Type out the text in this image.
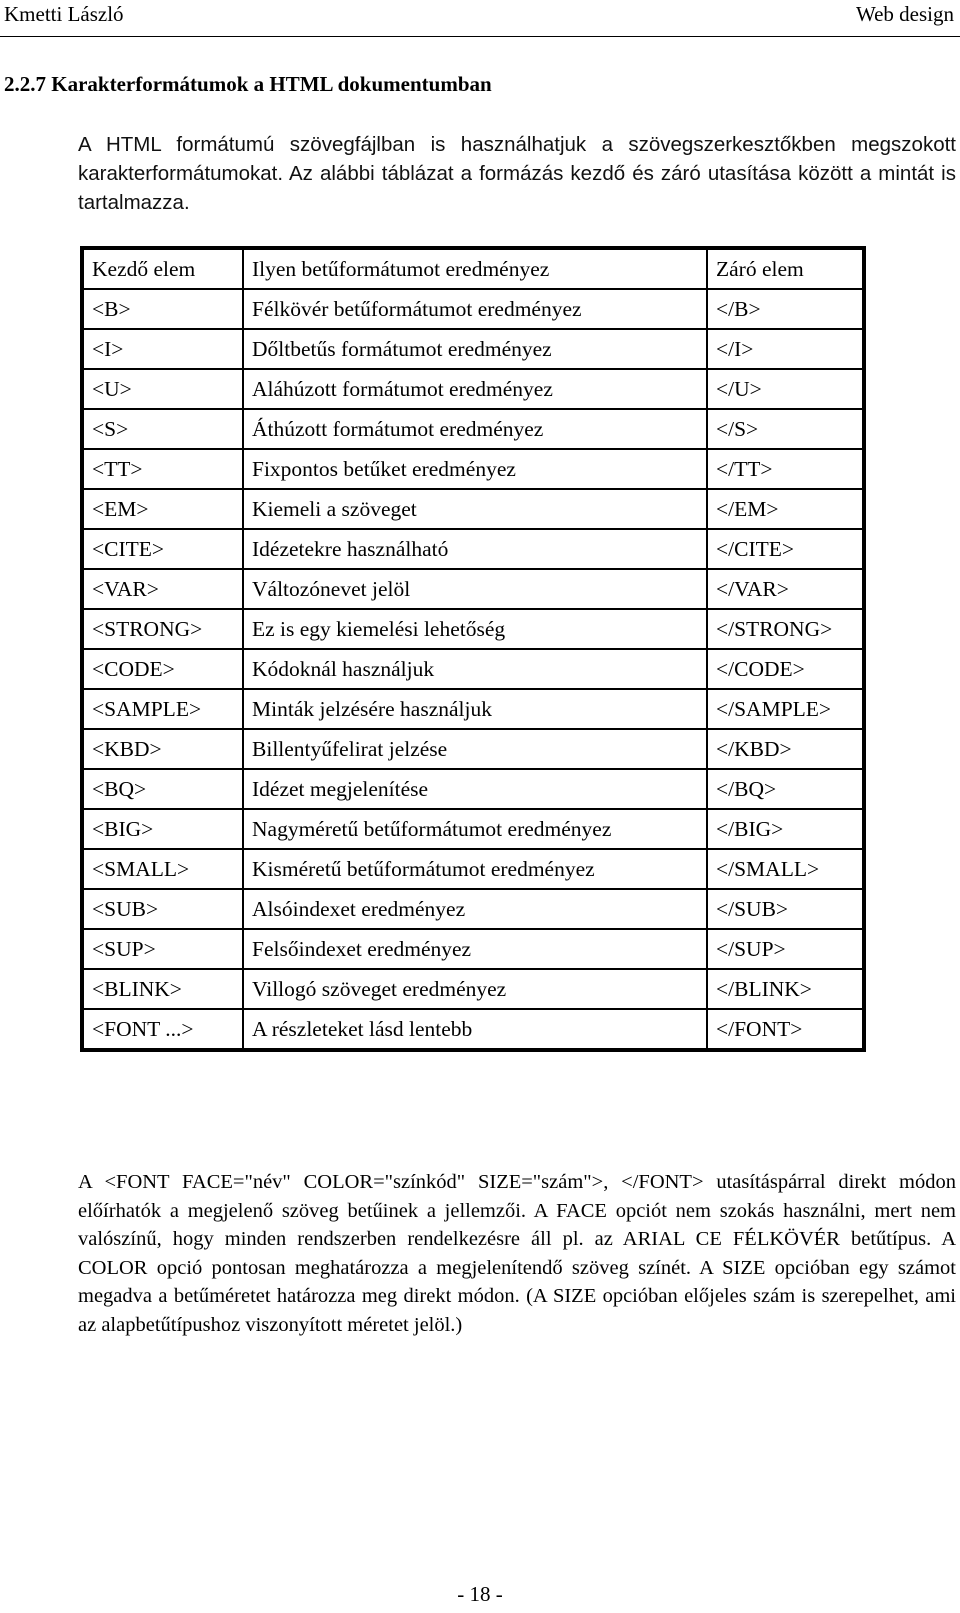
Kmetti László	Web design
2.2.7 Karakterformátumok a HTML dokumentumban

A HTML formátumú szövegfájlban is használhatjuk a szövegszerkesztőkben megszokott karakterformátumokat. Az alábbi táblázat a formázás kezdő és záró utasítása között a mintát is tartalmazza.

Kezdő elem	Ilyen betűformátumot eredményez	Záró elem
<B>	Félkövér betűformátumot eredményez	</B>
<I>	Dőltbetűs formátumot eredményez	</I>
<U>	Aláhúzott formátumot eredményez	</U>
<S>	Áthúzott formátumot eredményez	</S>
<TT>	Fixpontos betűket eredményez	</TT>
<EM>	Kiemeli a szöveget	</EM>
<CITE>	Idézetekre használható	</CITE>
<VAR>	Változónevet jelöl	</VAR>
<STRONG>	Ez is egy kiemelési lehetőség	</STRONG>
<CODE>	Kódoknál használjuk	</CODE>
<SAMPLE>	Minták jelzésére használjuk	</SAMPLE>
<KBD>	Billentyűfelirat jelzése	</KBD>
<BQ>	Idézet megjelenítése	</BQ>
<BIG>	Nagyméretű betűformátumot eredményez	</BIG>
<SMALL>	Kisméretű betűformátumot eredményez	</SMALL>
<SUB>	Alsóindexet eredményez	</SUB>
<SUP>	Felsőindexet eredményez	</SUP>
<BLINK>	Villogó szöveget eredményez	</BLINK>
<FONT ...>	A részleteket lásd lentebb	</FONT>

A <FONT FACE="név" COLOR="színkód" SIZE="szám">, </FONT> utasításpárral direkt módon előírhatók a megjelenő szöveg betűinek a jellemzői. A FACE opciót nem szokás használni, mert nem valószínű, hogy minden rendszerben rendelkezésre áll pl. az ARIAL CE FÉLKÖVÉR betűtípus. A COLOR opció pontosan meghatározza a megjelenítendő szöveg színét. A SIZE opcióban egy számot megadva a betűméretet határozza meg direkt módon. (A SIZE opcióban előjeles szám is szerepelhet, ami az alapbetűtípushoz viszonyított méretet jelöl.)

- 18 -
